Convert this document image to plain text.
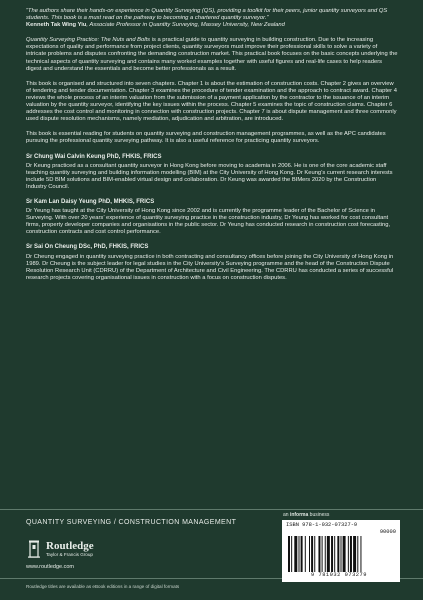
“The authors share their hands-on experience in Quantity Surveying (QS), providing a toolkit for their peers, junior quantity surveyors and QS students. This book is a must read on the pathway to becoming a chartered quantity surveyor.”

Kenneth Tak Wing Yiu, Associate Professor in Quantity Surveying, Massey University, New Zealand

Quantity Surveying Practice: The Nuts and Bolts is a practical guide to quantity surveying in building construction. Due to the increasing expectations of quality and performance from project clients, quantity surveyors must improve their professional skills to solve a variety of intricate problems and disputes confronting the demanding construction market. This practical book focuses on the basic concepts underlying the technical aspects of quantity surveying and contains many worked examples together with useful figures and real-life cases to help readers digest and understand the essentials and become better professionals as a result.

This book is organised and structured into seven chapters. Chapter 1 is about the estimation of construction costs. Chapter 2 gives an overview of tendering and tender documentation. Chapter 3 examines the procedure of tender examination and the approach to contract award. Chapter 4 reviews the whole process of an interim valuation from the submission of a payment application by the contractor to the issuance of an interim valuation by the quantity surveyor, identifying the key issues within the process. Chapter 5 examines the topic of construction claims. Chapter 6 addresses the cost control and monitoring in connection with construction projects. Chapter 7 is about dispute management and three commonly used dispute resolution mechanisms, namely mediation, adjudication and arbitration, are introduced.

This book is essential reading for students on quantity surveying and construction management programmes, as well as the APC candidates pursuing the professional quantity surveying pathway. It is also a useful reference for practicing quantity surveyors.

Sr Chung Wai Calvin Keung PhD, FHKIS, FRICS

Dr Keung practiced as a consultant quantity surveyor in Hong Kong before moving to academia in 2006. He is one of the core academic staff teaching quantity surveying and building information modelling (BIM) at the City University of Hong Kong. Dr Keung’s current research interests include 5D BIM solutions and BIM-enabled virtual design and collaboration. Dr Keung was awarded the BIMers 2020 by the Construction Industry Council.

Sr Kam Lan Daisy Yeung PhD, MHKIS, FRICS

Dr Yeung has taught at the City University of Hong Kong since 2002 and is currently the programme leader of the Bachelor of Science in Surveying. With over 20 years’ experience of quantity surveying practice in the construction industry, Dr Yeung has worked for cost consultant firms, property developer companies and organisations in the public sector. Dr Yeung has conducted research in construction cost forecasting, construction contracts and cost control performance.

Sr Sai On Cheung DSc, PhD, FHKIS, FRICS

Dr Cheung engaged in quantity surveying practice in both contracting and consultancy offices before joining the City University of Hong Kong in 1989. Dr Cheung is the subject leader for legal studies in the City University’s Surveying programme and the head of the Construction Dispute Resolution Research Unit (CDRRU) of the Department of Architecture and Civil Engineering. The CDRRU has conducted a series of successful research projects covering organisational issues in construction with a focus on construction disputes.

QUANTITY SURVEYING / CONSTRUCTION MANAGEMENT
Routledge
Taylor & Francis Group
www.routledge.com
Routledge titles are available as eBook editions in a range of digital formats
an informa business
ISBN 978-1-032-07327-9
90000
9 781032 073279
